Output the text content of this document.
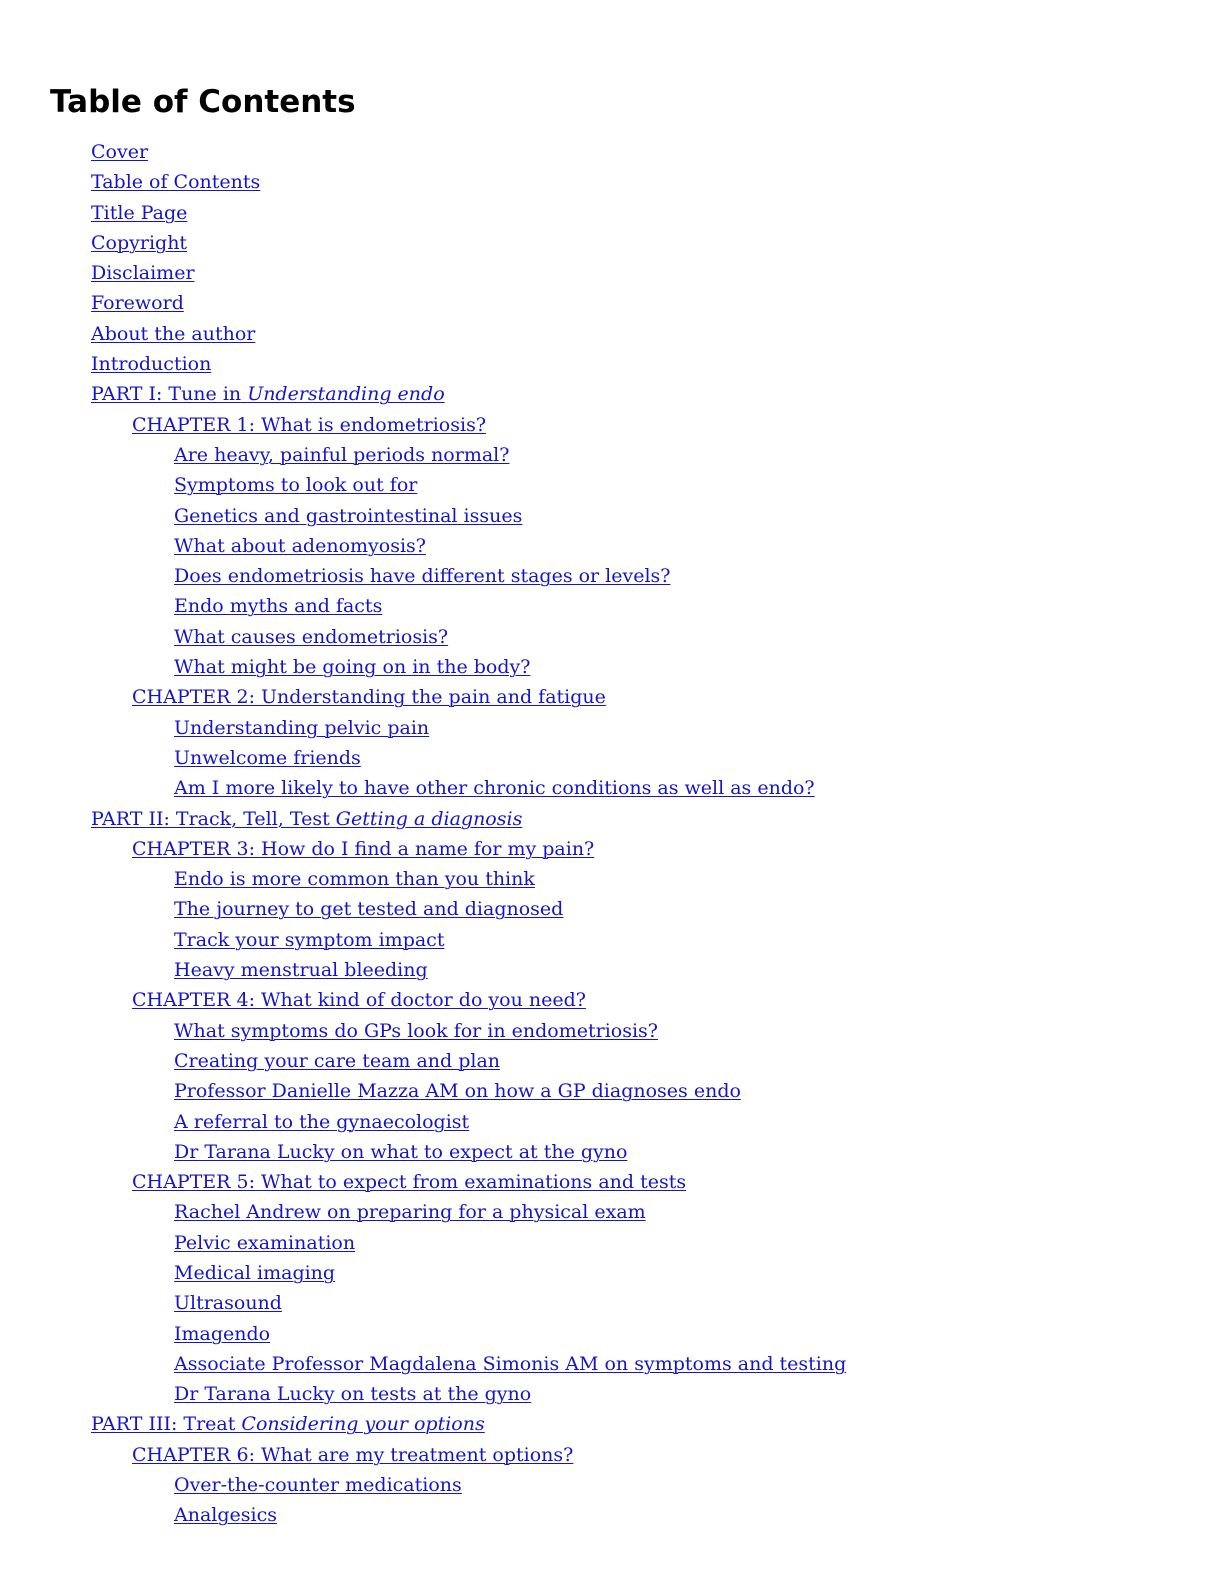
Table of Contents
Cover
Table of Contents
Title Page
Copyright
Disclaimer
Foreword
About the author
Introduction
PART I: Tune in Understanding endo
CHAPTER 1: What is endometriosis?
Are heavy, painful periods normal?
Symptoms to look out for
Genetics and gastrointestinal issues
What about adenomyosis?
Does endometriosis have different stages or levels?
Endo myths and facts
What causes endometriosis?
What might be going on in the body?
CHAPTER 2: Understanding the pain and fatigue
Understanding pelvic pain
Unwelcome friends
Am I more likely to have other chronic conditions as well as endo?
PART II: Track, Tell, Test Getting a diagnosis
CHAPTER 3: How do I find a name for my pain?
Endo is more common than you think
The journey to get tested and diagnosed
Track your symptom impact
Heavy menstrual bleeding
CHAPTER 4: What kind of doctor do you need?
What symptoms do GPs look for in endometriosis?
Creating your care team and plan
Professor Danielle Mazza AM on how a GP diagnoses endo
A referral to the gynaecologist
Dr Tarana Lucky on what to expect at the gyno
CHAPTER 5: What to expect from examinations and tests
Rachel Andrew on preparing for a physical exam
Pelvic examination
Medical imaging
Ultrasound
Imagendo
Associate Professor Magdalena Simonis AM on symptoms and testing
Dr Tarana Lucky on tests at the gyno
PART III: Treat Considering your options
CHAPTER 6: What are my treatment options?
Over-the-counter medications
Analgesics
